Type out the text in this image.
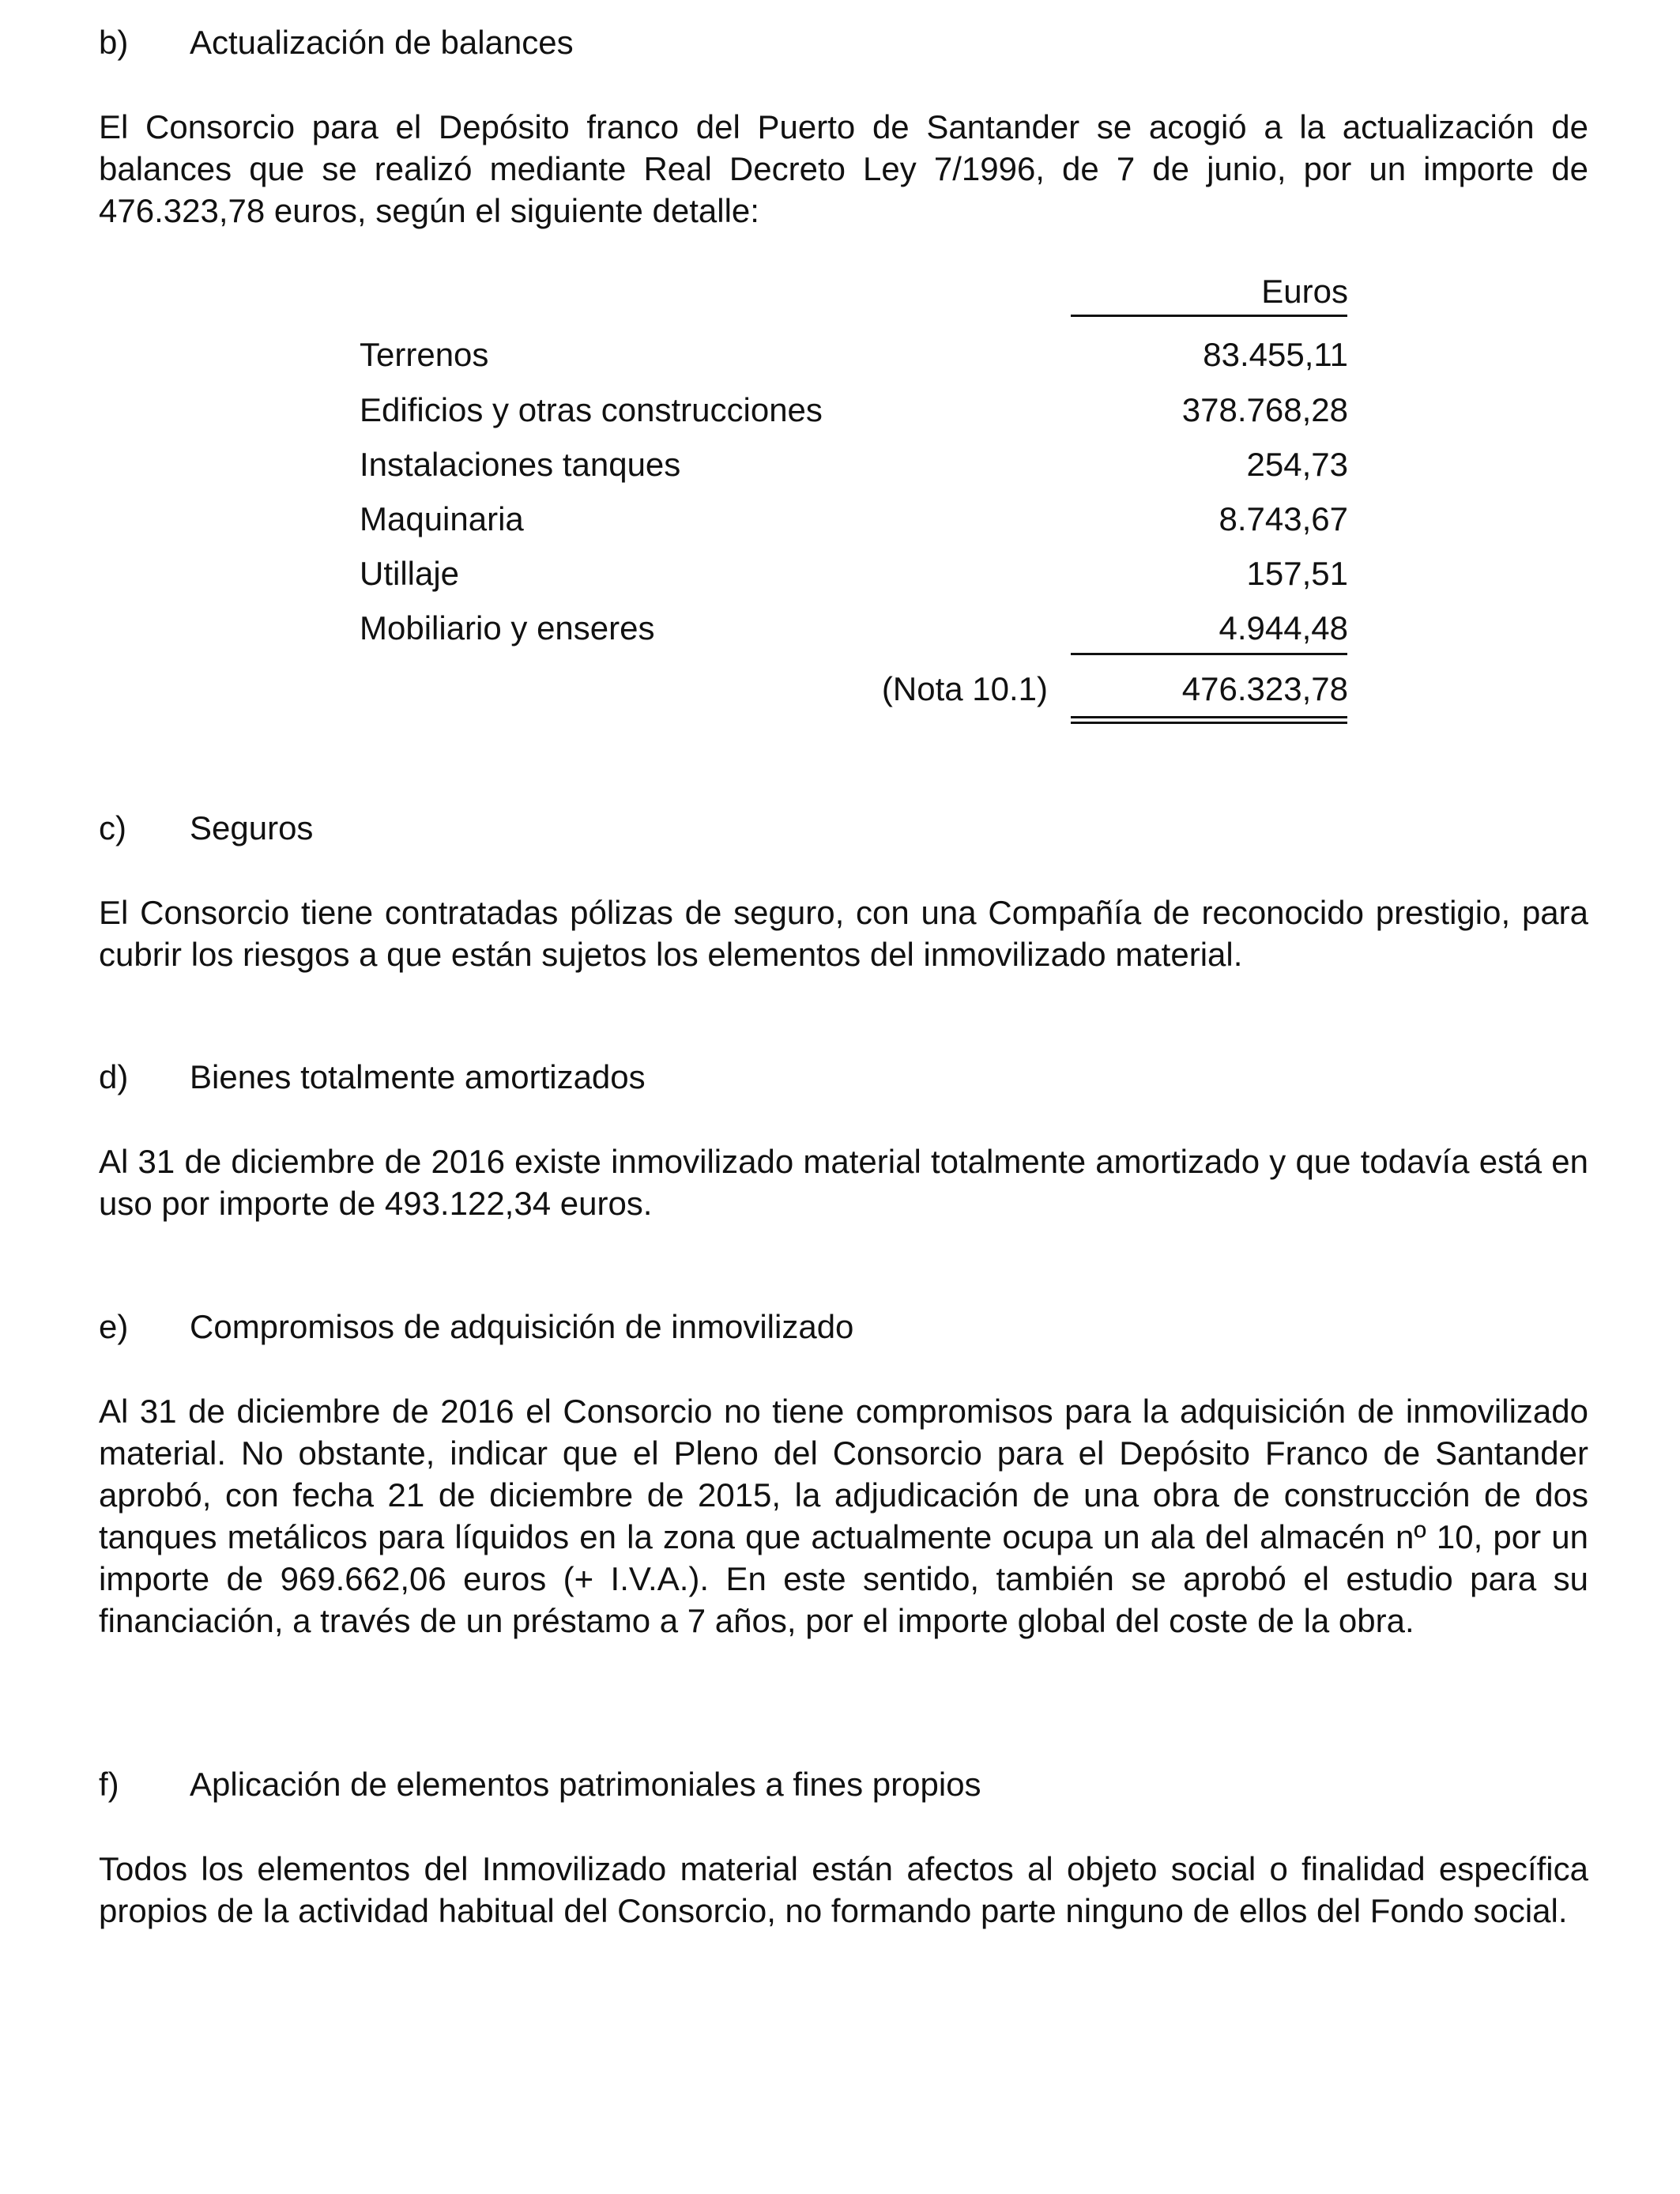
b) Actualización de balances
El Consorcio para el Depósito franco del Puerto de Santander se acogió a la actualización de balances que se realizó mediante Real Decreto Ley 7/1996, de 7 de junio, por un importe de 476.323,78 euros, según el siguiente detalle:
Euros
Terrenos	83.455,11
Edificios y otras construcciones	378.768,28
Instalaciones tanques	254,73
Maquinaria	8.743,67
Utillaje	157,51
Mobiliario y enseres	4.944,48
(Nota 10.1)	476.323,78
c) Seguros
El Consorcio tiene contratadas pólizas de seguro, con una Compañía de reconocido prestigio, para cubrir los riesgos a que están sujetos los elementos del inmovilizado material.
d) Bienes totalmente amortizados
Al 31 de diciembre de 2016 existe inmovilizado material totalmente amortizado y que todavía está en uso por importe de 493.122,34 euros.
e) Compromisos de adquisición de inmovilizado
Al 31 de diciembre de 2016 el Consorcio no tiene compromisos para la adquisición de inmovilizado material. No obstante, indicar que el Pleno del Consorcio para el Depósito Franco de Santander aprobó, con fecha 21 de diciembre de 2015, la adjudicación de una obra de construcción de dos tanques metálicos para líquidos en la zona que actualmente ocupa un ala del almacén nº 10, por un importe de 969.662,06 euros (+ I.V.A.). En este sentido, también se aprobó el estudio para su financiación, a través de un préstamo a 7 años, por el importe global del coste de la obra.
f) Aplicación de elementos patrimoniales a fines propios
Todos los elementos del Inmovilizado material están afectos al objeto social o finalidad específica propios de la actividad habitual del Consorcio, no formando parte ninguno de ellos del Fondo social.
